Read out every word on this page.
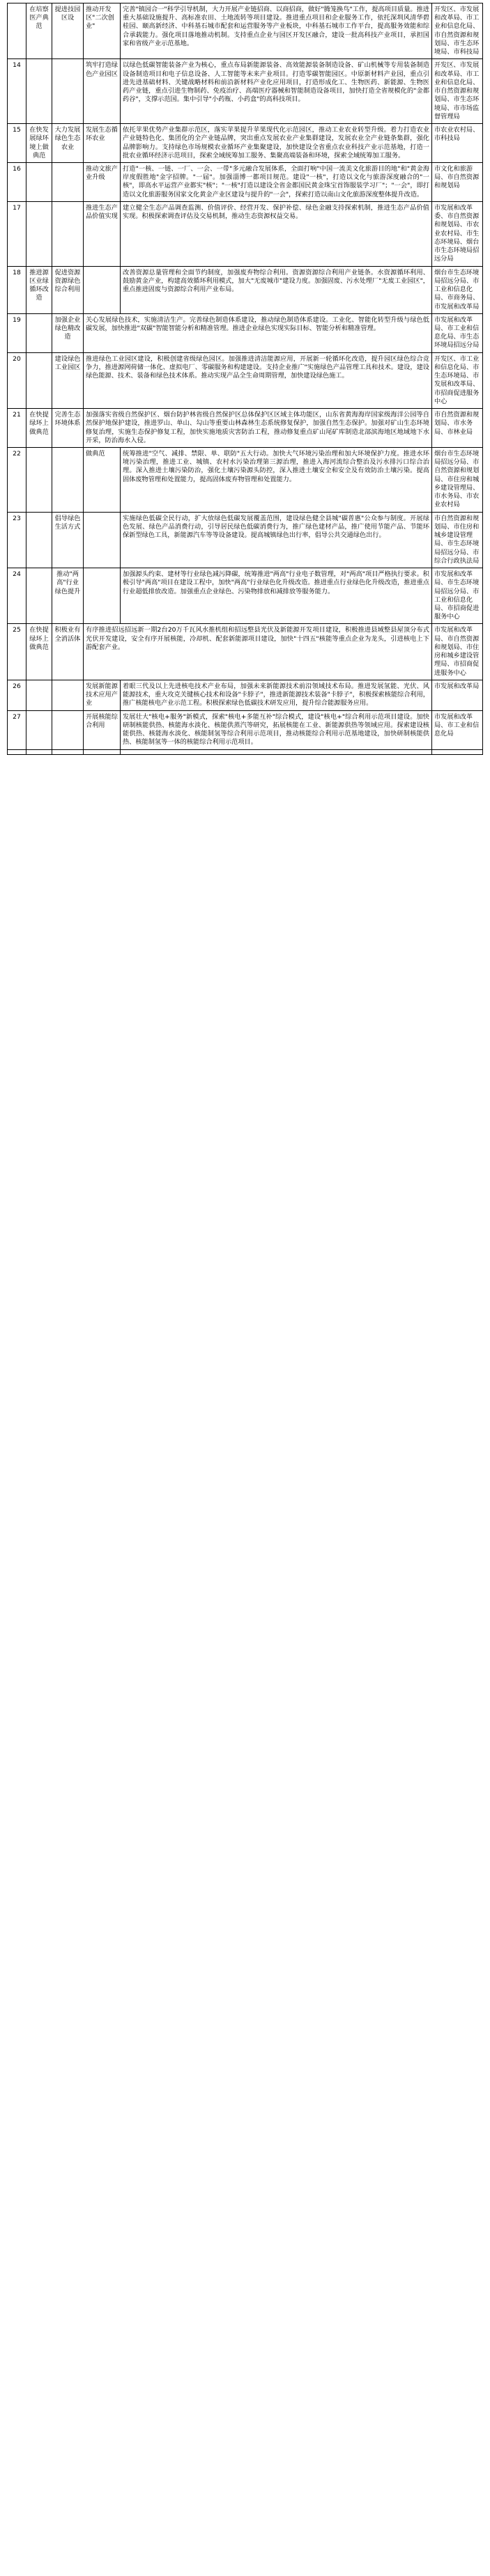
	在培察医产典范	提进技园区设	推动开发区"二次创业"	完善"镇园合一"科学引导机制，大力开展产业链招商、以商招商，做好"腾笼换鸟"工作，提高项目质量。推进重大基础设施提升、高标准农田、土地流转等项目建设。推进重点项目和企业服务工作，依托深圳风清华碧桂园、颐高新经济、中科基石城市配套和运营服务等产业板块，中科基石城市工作平台，提高服务效能和综合承载能力。强化项目落地推动机制。支持重点企业与园区开发区融合，建设一批高科技产业项目，承担国家和省级产业示范基地。	开发区、市发展和改革局、市工业和信息化局、市自然资源和规划局、市生态环境局、市科技局
14			筑牢打造绿色产业园区	以绿色低碳智能装备产业为核心，重点布局新能源装备、高效能源装备制造设备、矿山机械等专用装备制造设备制造项目和电子信息设备、人工智能等末来产业项目。打造零碳智能园区。中原新材料产业园，重点引进先进基础材料、关键战略材料和前沿新材料产业化应用项目，打造形成化工、生物医药、新能源、生物医药产业链，重点引进生物制药、免疫治疗、高端医疗器械和智能制造设备项目，加快打造全省规模化的"金都药谷"，支撑示范国。集中引导"小药瓶、小药盒"的高科技项目。	开发区、市发展和改革局、市工业和信息化局、市自然资源和规划局、市生态环境局、市市场监督管理局
15	在快发展绿环境上做典范	大力发展绿色生态农业	发展生态循环农业	依托苹果优势产业集群示范区，落实苹果提升苹果现代化示范园区，推动工业农业转型升级。着力打造农业产业链特色化、集团化的全产业链品牌，突出重点发展农业产业集群建设，发展农业全产业链条集群，强化品牌影响力。支持绿色市场规模农业循环产业集聚建设，加快建设全省重点农业科技产业示范基地，打造一批农业循环经济示范项目，探索全域统筹加工服务、集聚高端装备和环境，探索全域统筹加工服务。	市农业农村局、市科技局
16			推动文旅产业升级	打造"一核、一链、一厂、一会、一带"多元融合发展体系，全面打响"中国一流美文化旅游目的地"和"黄金海岸度假胜地"金字招牌。"一届"。加强淄博一都项目规范。建设"一核"，打造以文化与旅游深度融合的"一核"，即高水平运营产业都实"核"；"一核"打造以建设全省金都国民黄金珠宝首饰服装学习厂"；"一会"，即打造以文化旅游服务国家文化黄金产业区建设与提升的"一会"，探索打造以南山文化旅游深度整体提升改造。	市文化和旅游局、市自然资源和规划局
17			推进生态产品价值实现	建立健全生态产品调查监测、价值评价、经营开发、保护补偿、绿色金融支持探索机制，推进生态产品价值实现。积极探索调查评估及交易机制，推动生态资源权益交易。	市发展和改革委、市自然资源和规划局、市农业农村局、市生态环境局、烟台市生态环境局招远分局
18	推进源区业绿循环改造	促进资源资源绿色综合利用		改善资源总量管理和全面节约制度，加强废弃物综合利用。资源资源综合利用产业链条。水资源循环利用、鼓励黄金产业，构建高效循环利用模式，加大"无废城市"建设力度。加强固废、污水处理厂"无废工业园区"，重点推进固废与资源综合利用产业布局。	烟台市生态环境局招远分局、市工业和信息化局、市商务局、市发展和改革局
19		加强企业绿色精改造	关心发展绿色技术，实施清洁生产。完善绿色制造体系建设，推动绿色制造体系建设。工业化、智能化转型升级与绿色低碳发展，加快推进"双碳"智能智能分析和精准管理。推进企业绿色实现实际目标、智能分析和精准管理。		市发展和改革局、市工业和信息化局、市生态环境局招远分局
20		建设绿色工业园区	推进绿色工业园区建设，积极创建省级绿色园区。加强推进清洁能源应用，开展新一轮循环化改造，提升园区绿色综合竞争力，推进源网荷储一体化、虚拟电厂、零碳服务和构建建设。支持企业推广"实施绿色产品管理工具和技术。建设，建设绿色能源、技术、装备和绿色技术体系。推动实现产品全生命周期管理，加快建设绿色施工。		开发区、市工业和信息化局、市生态环境局、市发展和改革局、市招商促进服务中心
21	在快提绿环上做典范	完善生态环境体系	加强落实省级自然保护区、烟台防护林省级自然保护区总体保护区区域主体功能区，山东省黄海海岸国家级海洋公园等自然保护地保护建设，推进罗山、单山、勾山等重要山林森林生态系统修复保护，加强自然生态保护。加强对矿山生态环境修复治理，实施生态保护修复工程，加快实施地质灾害防治工程，推动修复重点矿山尾矿库制造北部滨海地区地域地下水开采，防治海水入侵。		市自然资源和规划局、市水务局、市林业局
22			做典范	统筹推进"空气、减排、禁限、单、联防"五大行动。加快大气环境污染治理和加大环境保护力度。推进水环境污染治理，推进工业、城镇、农村水污染治理第三源治理，推进入海河流综合整治及污水排污口综合治理。深入推进土壤污染防治，强化土壤污染源头防控，深入推进土壤安全和安全及有效防治土壤污染。提高固体废物管理和处置能力，提高固体废弃物管理和处置能力。	烟台市生态环境局招远分局、市自然资源和规划局、市住房和城乡建设管理局、市水务局、市农业农村局
23		倡导绿色生活方式		实施绿色低碳全民行动，扩大放绿色低碳发展覆盖范围，建设绿色健全县城"碳普惠"公众参与制度。开展绿色发展、绿色产品消费行动，引导居民绿色低碳消费行为，推广绿色建材产品，推广使用节能产品、节能环保新型绿色工具，新能源汽车等等设备建设。提高城镇绿色出行率，倡导公共交通绿色出行。	市自然资源和规划局、市住房和城乡建设管理局、市生态环境局招远分局、市综合行政执法局
24		推动"两高"行业绿色提升		加强源头约束、建材等行业绿色减污降碳，统筹推进"两高"行业电子数管理，对"两高"项目严格执行要求。积极引导"两高"项目在建设工程中，加快"两高"行业绿色化升级改造。推进重点行业绿色化升级改造，推进重点行业超低排放改造。加强重点企业绿色、污染物排放和减排放等服务能力。	市发展和改革局、市生态环境局招远分局、市工业和信息化局、市招商促进服务中心
25	在快提绿环上做典范	积极业有全消活体	有序推进招远招远新一期2台20万千瓦风水推机组和招远整县光伏及新能源开发项目建设，积极推进县域整县屋顶分布式光伏开发建设，安全有序开展核能，冷却机、配套新能源项目建设，加快"十四五"核能等重点企业为龙头，引进核电上下游配套产业。		市发展和改革局、市自然资源和规划局、市住房和城乡建设管理局、市招商促进服务中心
26			发展新能源技术应用产业	着眼三代及以上先进核电技术产业布局，加强未来新能源技术前沿领域技术布局。推进发展氢能、光伏、风能源技术，重大攻克关键核心技术和设备"卡脖子"，推进新能源技术装备"卡脖子"，积极探索核能综合利用，推广核能核电产业示范工程。积极探索绿色低碳技术研发应用，提升综合能源服务应用。	市发展和改革局
27			开展核能综合利用	发展壮大"核电+服务"新模式，探索"核电+多能互补"综合模式，建设"核电+"综合利用示范项目建设。加快研制核能供热、核能海水淡化、核能供蒸汽等研究，拓展核能在工业、新能源供热等领域应用。探索建设核能供热、核能海水淡化、核能制氢等综合利用示范项目，推动核能综合利用示范基地建设，加快研制核能供热、核能制氢等一体的核能综合利用示范项目。	市发展和改革局、市工业和信息化局
